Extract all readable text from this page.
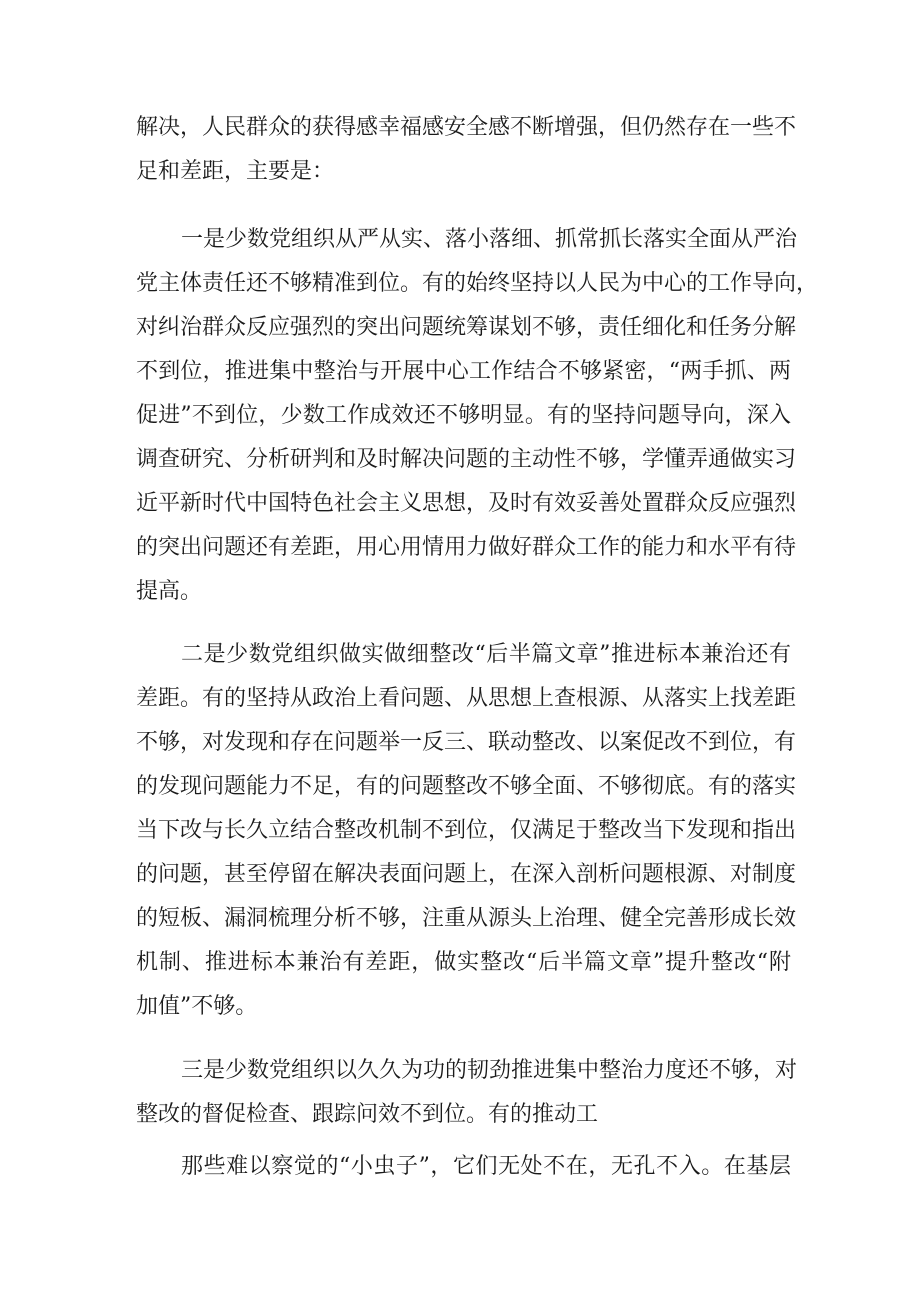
解决，人民群众的获得感幸福感安全感不断增强，但仍然存在一些不
足和差距，主要是：
一是少数党组织从严从实、落小落细、抓常抓长落实全面从严治
党主体责任还不够精准到位。有的始终坚持以人民为中心的工作导向，
对纠治群众反应强烈的突出问题统筹谋划不够，责任细化和任务分解
不到位，推进集中整治与开展中心工作结合不够紧密，“两手抓、两
促进”不到位，少数工作成效还不够明显。有的坚持问题导向，深入
调查研究、分析研判和及时解决问题的主动性不够，学懂弄通做实习
近平新时代中国特色社会主义思想，及时有效妥善处置群众反应强烈
的突出问题还有差距，用心用情用力做好群众工作的能力和水平有待
提高。
二是少数党组织做实做细整改“后半篇文章”推进标本兼治还有
差距。有的坚持从政治上看问题、从思想上查根源、从落实上找差距
不够，对发现和存在问题举一反三、联动整改、以案促改不到位，有
的发现问题能力不足，有的问题整改不够全面、不够彻底。有的落实
当下改与长久立结合整改机制不到位，仅满足于整改当下发现和指出
的问题，甚至停留在解决表面问题上，在深入剖析问题根源、对制度
的短板、漏洞梳理分析不够，注重从源头上治理、健全完善形成长效
机制、推进标本兼治有差距，做实整改“后半篇文章”提升整改“附
加值”不够。
三是少数党组织以久久为功的韧劲推进集中整治力度还不够，对
整改的督促检查、跟踪问效不到位。有的推动工
那些难以察觉的“小虫子”，它们无处不在，无孔不入。在基层
